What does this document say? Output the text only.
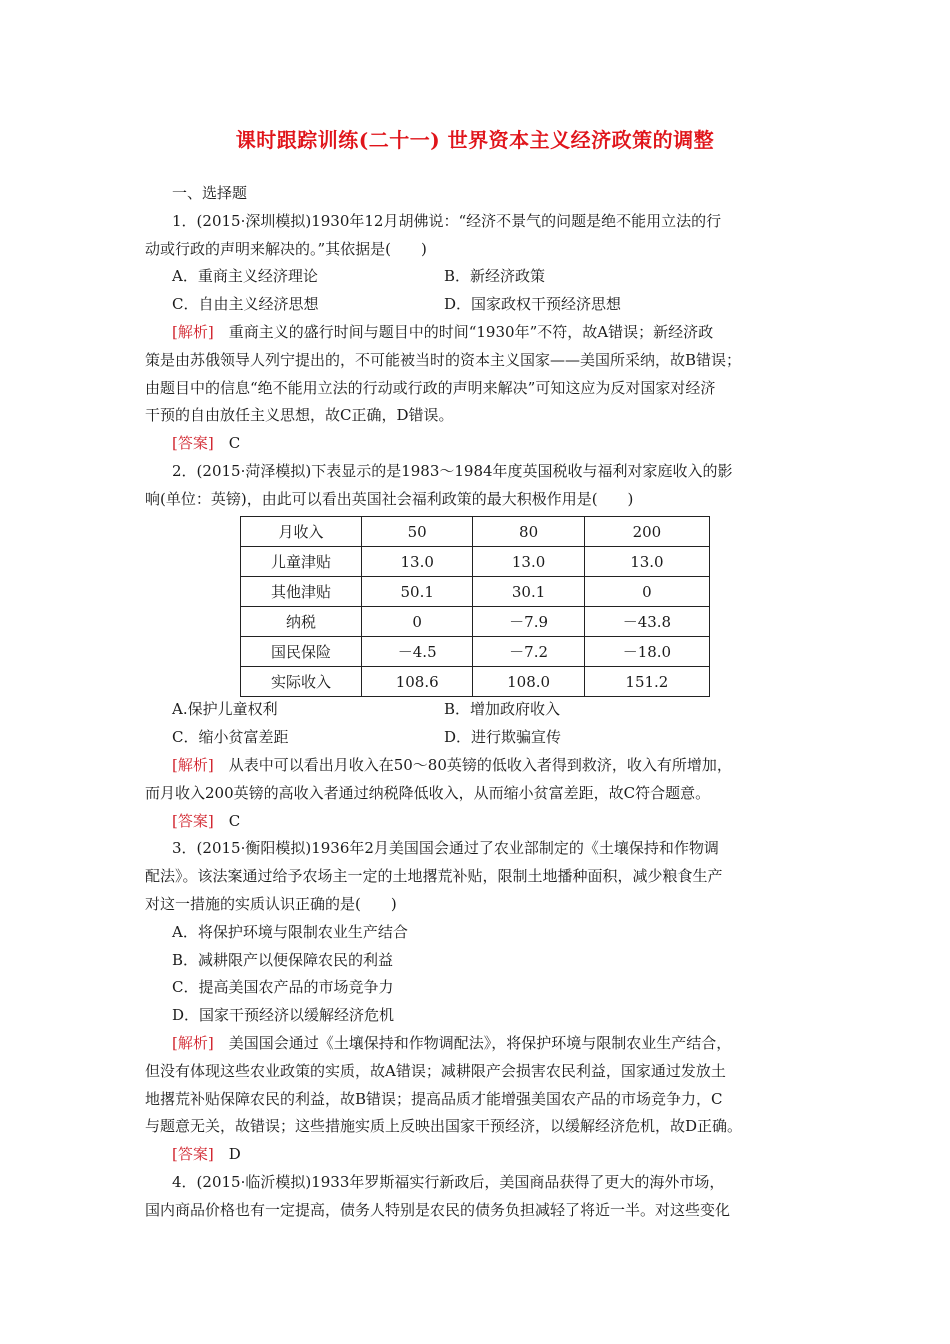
课时跟踪训练(二十一) 世界资本主义经济政策的调整
一、选择题
1．(2015·深圳模拟)1930年12月胡佛说：“经济不景气的问题是绝不能用立法的行
动或行政的声明来解决的。”其依据是(　　)
A．重商主义经济理论	B．新经济政策
C．自由主义经济思想	D．国家政权干预经济思想
[解析]　重商主义的盛行时间与题目中的时间“1930年”不符，故A错误；新经济政
策是由苏俄领导人列宁提出的，不可能被当时的资本主义国家——美国所采纳，故B错误；
由题目中的信息“绝不能用立法的行动或行政的声明来解决”可知这应为反对国家对经济
干预的自由放任主义思想，故C正确，D错误。
[答案]　C
2．(2015·菏泽模拟)下表显示的是1983～1984年度英国税收与福利对家庭收入的影
响(单位：英镑)，由此可以看出英国社会福利政策的最大积极作用是(　　)
月收入	50	80	200
儿童津贴	13.0	13.0	13.0
其他津贴	50.1	30.1	0
纳税	0	－7.9	－43.8
国民保险	－4.5	－7.2	－18.0
实际收入	108.6	108.0	151.2
A.保护儿童权利	B．增加政府收入
C．缩小贫富差距	D．进行欺骗宣传
[解析]　从表中可以看出月收入在50～80英镑的低收入者得到救济，收入有所增加，
而月收入200英镑的高收入者通过纳税降低收入，从而缩小贫富差距，故C符合题意。
[答案]　C
3．(2015·衡阳模拟)1936年2月美国国会通过了农业部制定的《土壤保持和作物调
配法》。该法案通过给予农场主一定的土地撂荒补贴，限制土地播种面积，减少粮食生产
对这一措施的实质认识正确的是(　　)
A．将保护环境与限制农业生产结合
B．减耕限产以便保障农民的利益
C．提高美国农产品的市场竞争力
D．国家干预经济以缓解经济危机
[解析]　美国国会通过《土壤保持和作物调配法》，将保护环境与限制农业生产结合，
但没有体现这些农业政策的实质，故A错误；减耕限产会损害农民利益，国家通过发放土
地撂荒补贴保障农民的利益，故B错误；提高品质才能增强美国农产品的市场竞争力，C
与题意无关，故错误；这些措施实质上反映出国家干预经济，以缓解经济危机，故D正确。
[答案]　D
4．(2015·临沂模拟)1933年罗斯福实行新政后，美国商品获得了更大的海外市场，
国内商品价格也有一定提高，债务人特别是农民的债务负担减轻了将近一半。对这些变化
